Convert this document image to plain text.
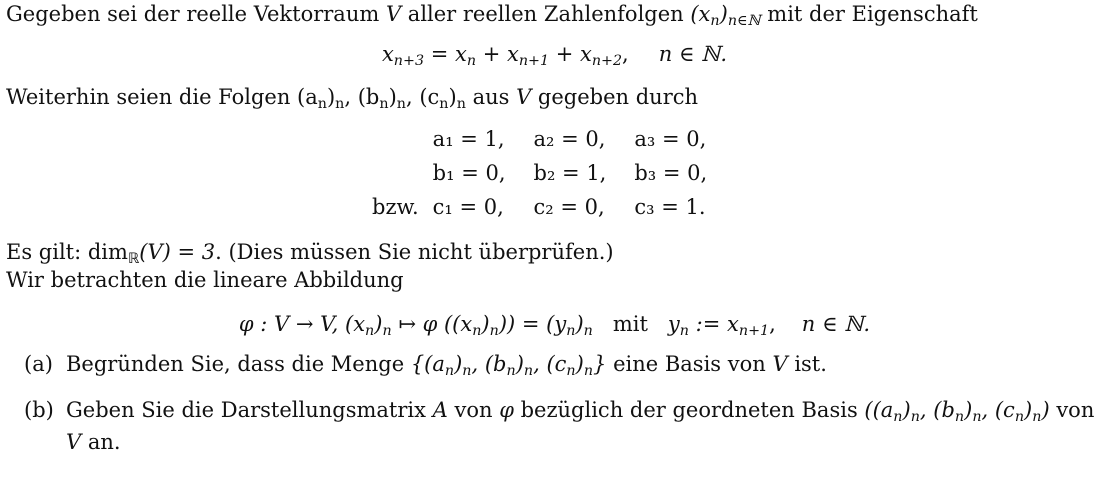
Gegeben sei der reelle Vektorraum V aller reellen Zahlenfolgen $(x_n)_{n\in ℕ}$ mit der Eigenschaft
$x_{n+3} = x_n + x_{n+1} + x_{n+2}$, n ∈ ℕ.
Weiterhin seien die Folgen $(a_n)_n$, $(b_n)_n$, $(c_n)_n$ aus V gegeben durch
	a₁ = 1,	a₂ = 0,	a₃ = 0,
	b₁ = 0,	b₂ = 1,	b₃ = 0,
bzw.	c₁ = 0,	c₂ = 0,	c₃ = 1.
Es gilt: dim$_ℝ$(V) = 3. (Dies müssen Sie nicht überprüfen.)
Wir betrachten die lineare Abbildung
φ : V → V, $(x_n)_n$ ↦ φ $((x_n)_n)) = (y_n)_n$ mit $y_n$ := $x_{n+1}$, n ∈ ℕ.
(a) Begründen Sie, dass die Menge {$(a_n)_n$, $(b_n)_n$, $(c_n)_n$} eine Basis von V ist.
(b) Geben Sie die Darstellungsmatrix A von φ bezüglich der geordneten Basis ($(a_n)_n$, $(b_n)_n$, $(c_n)_n$) von
V an.
